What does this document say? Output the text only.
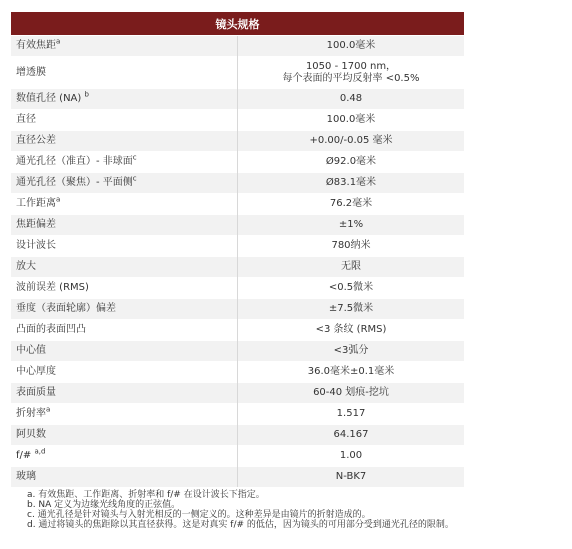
镜头规格	
有效焦距$^a$	100.0毫米

增透膜	1050 - 1700 nm，
每个表面的平均反射率 <0.5%

数值孔径 (NA) $^b$	0.48

直径	100.0毫米

直径公差	+0.00/-0.05 毫米

通光孔径（准直）- 非球面$^c$	Ø92.0毫米

通光孔径（聚焦）- 平面侧$^c$	Ø83.1毫米

工作距离$^a$	76.2毫米

焦距偏差	±1%

设计波长	780纳米

放大	无限

波前误差 (RMS)	<0.5微米

垂度（表面轮廓）偏差	±7.5微米

凸面的表面凹凸	<3 条纹 (RMS)

中心值	<3弧分

中心厚度	36.0毫米±0.1毫米

表面质量	60-40 划痕-挖坑

折射率$^a$	1.517

阿贝数	64.167

f/# $^{a,d}$	1.00

玻璃	N-BK7
a. 有效焦距、工作距离、折射率和 f/# 在设计波长下指定。
b. NA 定义为边缘光线角度的正弦值。
c. 通光孔径是针对镜头与入射光相反的一侧定义的。这种差异是由镜片的折射造成的。
d. 通过将镜头的焦距除以其直径获得。这是对真实 f/# 的低估，因为镜头的可用部分受到通光孔径的限制。
